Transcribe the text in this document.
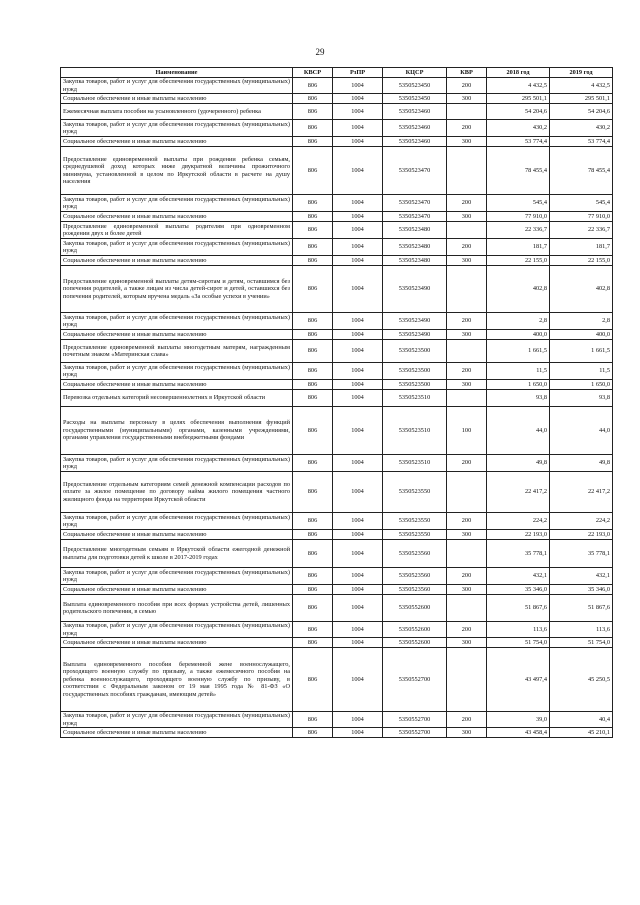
29
Наименование	КВСР	РзПР	КЦСР	КВР	2018 год	2019 год
Закупка товаров, работ и услуг для обеспечения государственных (муниципальных) нужд	806	1004	5350523450	200	4 432,5	4 432,5
Социальное обеспечение и иные выплаты населению	806	1004	5350523450	300	295 501,1	295 501,1
Ежемесячная выплата пособия на усыновленного (удочеренного) ребенка	806	1004	5350523460		54 204,6	54 204,6
Закупка товаров, работ и услуг для обеспечения государственных (муниципальных) нужд	806	1004	5350523460	200	430,2	430,2
Социальное обеспечение и иные выплаты населению	806	1004	5350523460	300	53 774,4	53 774,4
Предоставление единовременной выплаты при рождении ребенка семьям, среднедушевой доход которых ниже двукратной величины прожиточного минимума, установленной в целом по Иркутской области в расчете на душу населения	806	1004	5350523470		78 455,4	78 455,4
Закупка товаров, работ и услуг для обеспечения государственных (муниципальных) нужд	806	1004	5350523470	200	545,4	545,4
Социальное обеспечение и иные выплаты населению	806	1004	5350523470	300	77 910,0	77 910,0
Предоставление единовременной выплаты родителям при одновременном рождении двух и более детей	806	1004	5350523480		22 336,7	22 336,7
Закупка товаров, работ и услуг для обеспечения государственных (муниципальных) нужд	806	1004	5350523480	200	181,7	181,7
Социальное обеспечение и иные выплаты населению	806	1004	5350523480	300	22 155,0	22 155,0
Предоставление единовременной выплаты детям-сиротам и детям, оставшимся без попечения родителей, а также лицам из числа детей-сирот и детей, оставшихся без попечения родителей, которым вручена медаль «За особые успехи в учении»	806	1004	5350523490		402,8	402,8
Закупка товаров, работ и услуг для обеспечения государственных (муниципальных) нужд	806	1004	5350523490	200	2,8	2,8
Социальное обеспечение и иные выплаты населению	806	1004	5350523490	300	400,0	400,0
Предоставление единовременной выплаты многодетным матерям, награжденным почетным знаком «Материнская слава»	806	1004	5350523500		1 661,5	1 661,5
Закупка товаров, работ и услуг для обеспечения государственных (муниципальных) нужд	806	1004	5350523500	200	11,5	11,5
Социальное обеспечение и иные выплаты населению	806	1004	5350523500	300	1 650,0	1 650,0
Перевозка отдельных категорий несовершеннолетних в Иркутской области	806	1004	5350523510		93,8	93,8
Расходы на выплаты персоналу в целях обеспечения выполнения функций государственными (муниципальными) органами, казенными учреждениями, органами управления государственными внебюджетными фондами	806	1004	5350523510	100	44,0	44,0
Закупка товаров, работ и услуг для обеспечения государственных (муниципальных) нужд	806	1004	5350523510	200	49,8	49,8
Предоставление отдельным категориям семей денежной компенсации расходов по оплате за жилое помещение по договору найма жилого помещения частного жилищного фонда на территории Иркутской области	806	1004	5350523550		22 417,2	22 417,2
Закупка товаров, работ и услуг для обеспечения государственных (муниципальных) нужд	806	1004	5350523550	200	224,2	224,2
Социальное обеспечение и иные выплаты населению	806	1004	5350523550	300	22 193,0	22 193,0
Предоставление многодетным семьям в Иркутской области ежегодной денежной выплаты для подготовки детей к школе в 2017-2019 годах	806	1004	5350523560		35 778,1	35 778,1
Закупка товаров, работ и услуг для обеспечения государственных (муниципальных) нужд	806	1004	5350523560	200	432,1	432,1
Социальное обеспечение и иные выплаты населению	806	1004	5350523560	300	35 346,0	35 346,0
Выплата единовременного пособия при всех формах устройства детей, лишенных родительского попечения, в семью	806	1004	5350552600		51 867,6	51 867,6
Закупка товаров, работ и услуг для обеспечения государственных (муниципальных) нужд	806	1004	5350552600	200	113,6	113,6
Социальное обеспечение и иные выплаты населению	806	1004	5350552600	300	51 754,0	51 754,0
Выплата единовременного пособия беременной жене военнослужащего, проходящего военную службу по призыву, а также ежемесячного пособия на ребенка военнослужащего, проходящего военную службу по призыву, в соответствии с Федеральным законом от 19 мая 1995 года № 81-ФЗ «О государственных пособиях гражданам, имеющим детей»	806	1004	5350552700		43 497,4	45 250,5
Закупка товаров, работ и услуг для обеспечения государственных (муниципальных) нужд	806	1004	5350552700	200	39,0	40,4
Социальное обеспечение и иные выплаты населению	806	1004	5350552700	300	43 458,4	45 210,1
